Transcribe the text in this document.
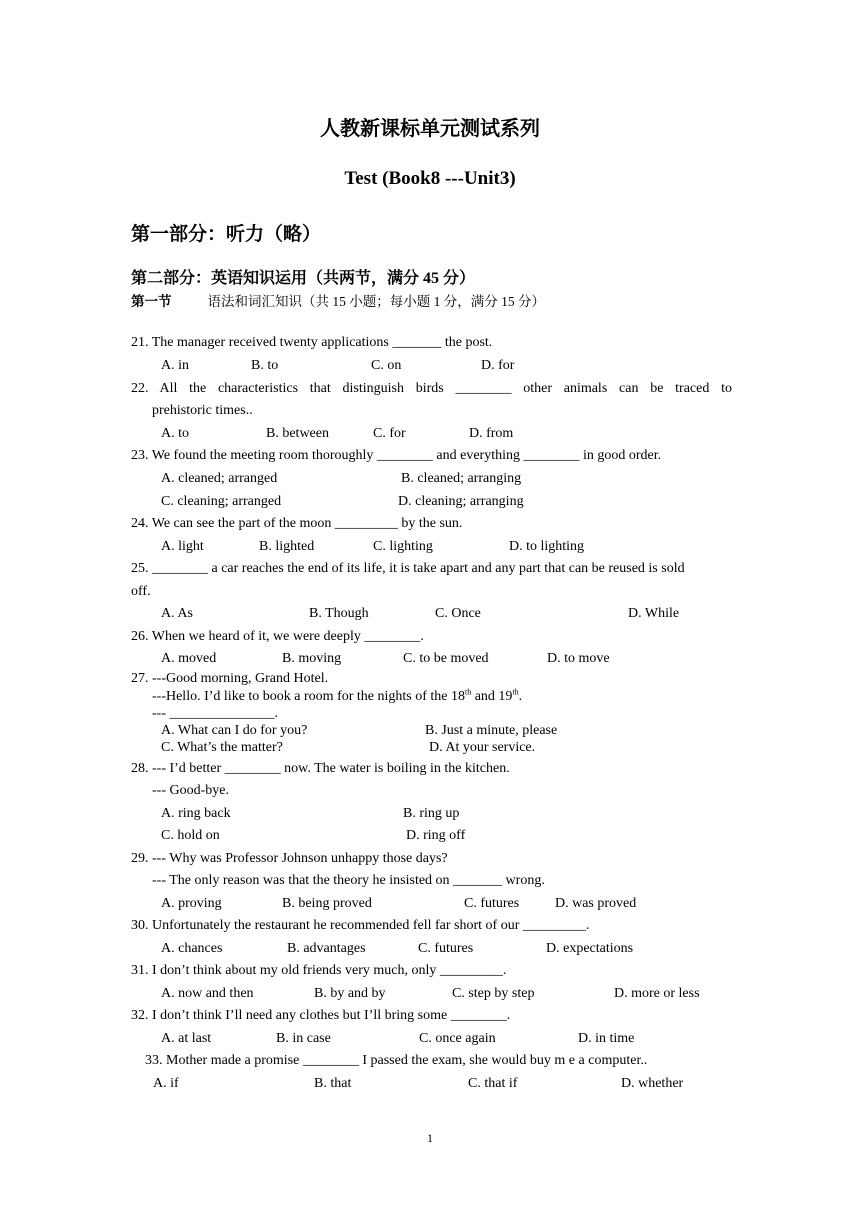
人教新课标单元测试系列
Test (Book8 ---Unit3)
第一部分：听力（略）
第二部分：英语知识运用（共两节，满分 45 分）
第一节	语法和词汇知识（共 15 小题；每小题 1 分，满分 15 分）
21. The manager received twenty applications _______ the post.
A. in	B. to	C. on	D. for
22. All the characteristics that distinguish birds ________ other animals can be traced to
prehistoric times..
A. to	B. between	C. for	D. from
23. We found the meeting room thoroughly ________ and everything ________ in good order.
A. cleaned; arranged	B. cleaned; arranging
C. cleaning; arranged	D. cleaning; arranging
24. We can see the part of the moon _________ by the sun.
A. light	B. lighted	C. lighting	D. to lighting
25. ________ a car reaches the end of its life, it is take apart and any part that can be reused is sold
off.
A. As	B. Though	C. Once	D. While
26. When we heard of it, we were deeply ________.
A. moved	B. moving	C. to be moved	D. to move
27. ---Good morning, Grand Hotel.
---Hello. I’d like to book a room for the nights of the 18th and 19th.
--- _______________.
A. What can I do for you?	B. Just a minute, please
C. What’s the matter?	D. At your service.
28. --- I’d better ________ now. The water is boiling in the kitchen.
--- Good-bye.
A. ring back	B. ring up
C. hold on	D. ring off
29. --- Why was Professor Johnson unhappy those days?
--- The only reason was that the theory he insisted on _______ wrong.
A. proving	B. being proved	C. futures	D. was proved
30. Unfortunately the restaurant he recommended fell far short of our _________.
A. chances	B. advantages	C. futures	D. expectations
31. I don’t think about my old friends very much, only _________.
A. now and then	B. by and by	C. step by step	D. more or less
32. I don’t think I’ll need any clothes but I’ll bring some ________.
A. at last	B. in case	C. once again	D. in time
33. Mother made a promise ________ I passed the exam, she would buy m e a computer..
A. if	B. that	C. that if	D. whether
1
